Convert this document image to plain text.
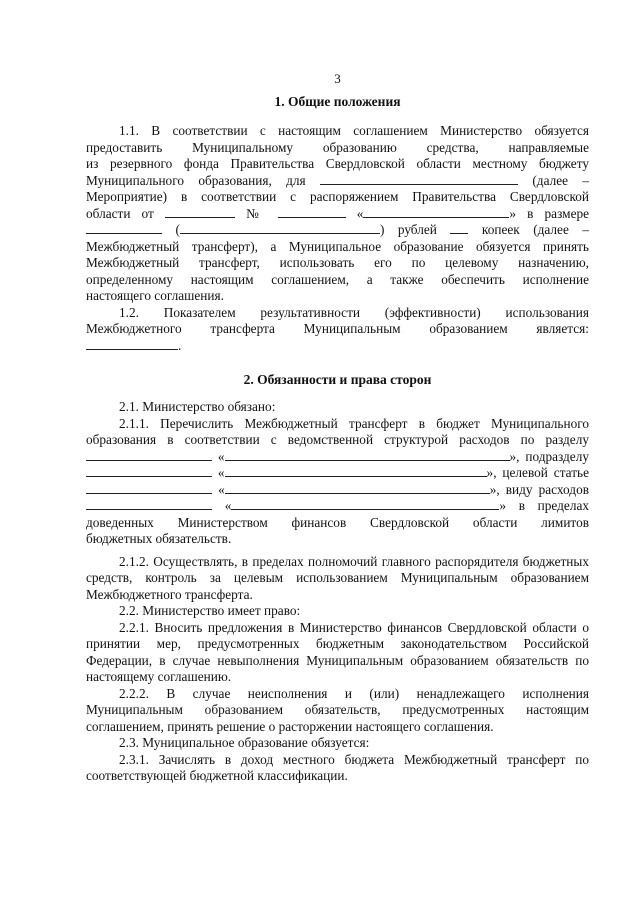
3
1. Общие положения

1.1. В соответствии с настоящим соглашением Министерство обязуется

предоставить Муниципальному образованию средства, направляемые

из резервного фонда Правительства Свердловской области местному бюджету

Муниципального образования, для	(далее –

Мероприятие) в соответствии с распоряжением Правительства Свердловской

области от	№	«	» в размере

(	) рублей	копеек (далее –

Межбюджетный трансферт), а Муниципальное образование обязуется принять

Межбюджетный трансферт, использовать его по целевому назначению,

определенному настоящим соглашением, а также обеспечить исполнение

настоящего соглашения.

1.2. Показателем результативности (эффективности) использования

Межбюджетного трансферта Муниципальным образованием является:

.

2. Обязанности и права сторон

2.1. Министерство обязано:

2.1.1. Перечислить Межбюджетный трансферт в бюджет Муниципального

образования в соответствии с ведомственной структурой расходов по разделу

«	», подразделу

«	», целевой статье

«	», виду расходов

«	» в пределах

доведенных Министерством финансов Свердловской области лимитов

бюджетных обязательств.

2.1.2. Осуществлять, в пределах полномочий главного распорядителя бюджетных средств, контроль за целевым использованием Муниципальным образованием Межбюджетного трансферта.

2.2. Министерство имеет право:

2.2.1. Вносить предложения в Министерство финансов Свердловской области о принятии мер, предусмотренных бюджетным законодательством Российской Федерации, в случае невыполнения Муниципальным образованием обязательств по настоящему соглашению.

2.2.2. В случае неисполнения и (или) ненадлежащего исполнения Муниципальным образованием обязательств, предусмотренных настоящим соглашением, принять решение о расторжении настоящего соглашения.

2.3. Муниципальное образование обязуется:

2.3.1. Зачислять в доход местного бюджета Межбюджетный трансферт по соответствующей бюджетной классификации.
